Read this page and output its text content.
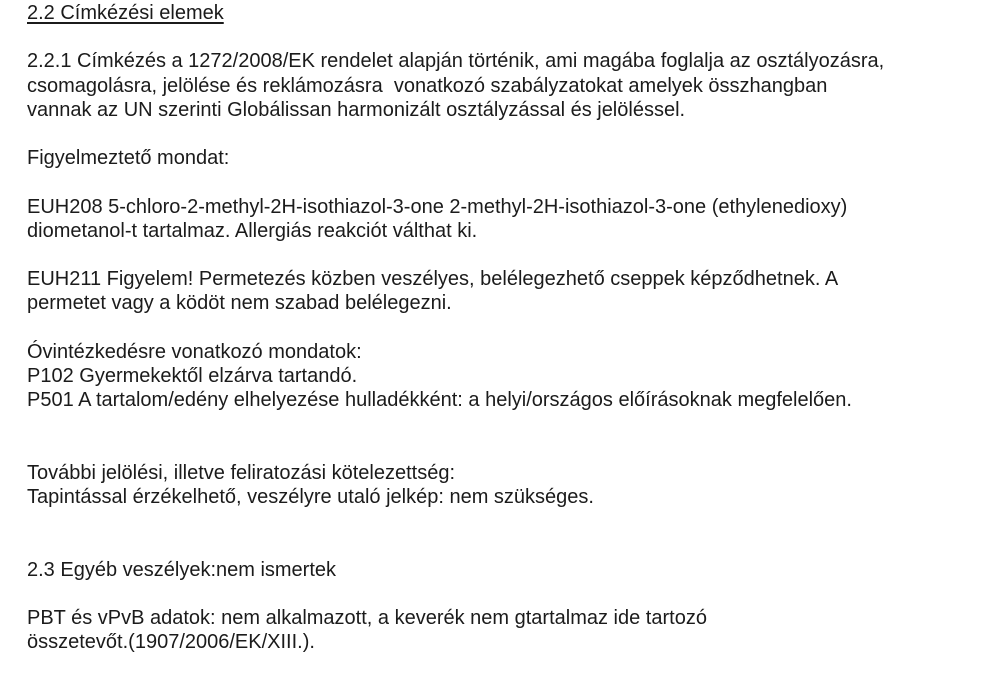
2.2 Címkézési elemek
2.2.1 Címkézés a 1272/2008/EK rendelet alapján történik, ami magába foglalja az osztályozásra,
csomagolásra, jelölése és reklámozásra  vonatkozó szabályzatokat amelyek összhangban
vannak az UN szerinti Globálissan harmonizált osztályzással és jelöléssel.
Figyelmeztető mondat:
EUH208 5-chloro-2-methyl-2H-isothiazol-3-one 2-methyl-2H-isothiazol-3-one (ethylenedioxy)
diometanol-t tartalmaz. Allergiás reakciót válthat ki.
EUH211 Figyelem! Permetezés közben veszélyes, belélegezhető cseppek képződhetnek. A
permetet vagy a ködöt nem szabad belélegezni.
Óvintézkedésre vonatkozó mondatok:
P102 Gyermekektől elzárva tartandó.
P501 A tartalom/edény elhelyezése hulladékként: a helyi/országos előírásoknak megfelelően.
További jelölési, illetve feliratozási kötelezettség:
Tapintással érzékelhető, veszélyre utaló jelkép: nem szükséges.
2.3 Egyéb veszélyek:nem ismertek
PBT és vPvB adatok: nem alkalmazott, a keverék nem gtartalmaz ide tartozó
összetevőt.(1907/2006/EK/XIII.).
